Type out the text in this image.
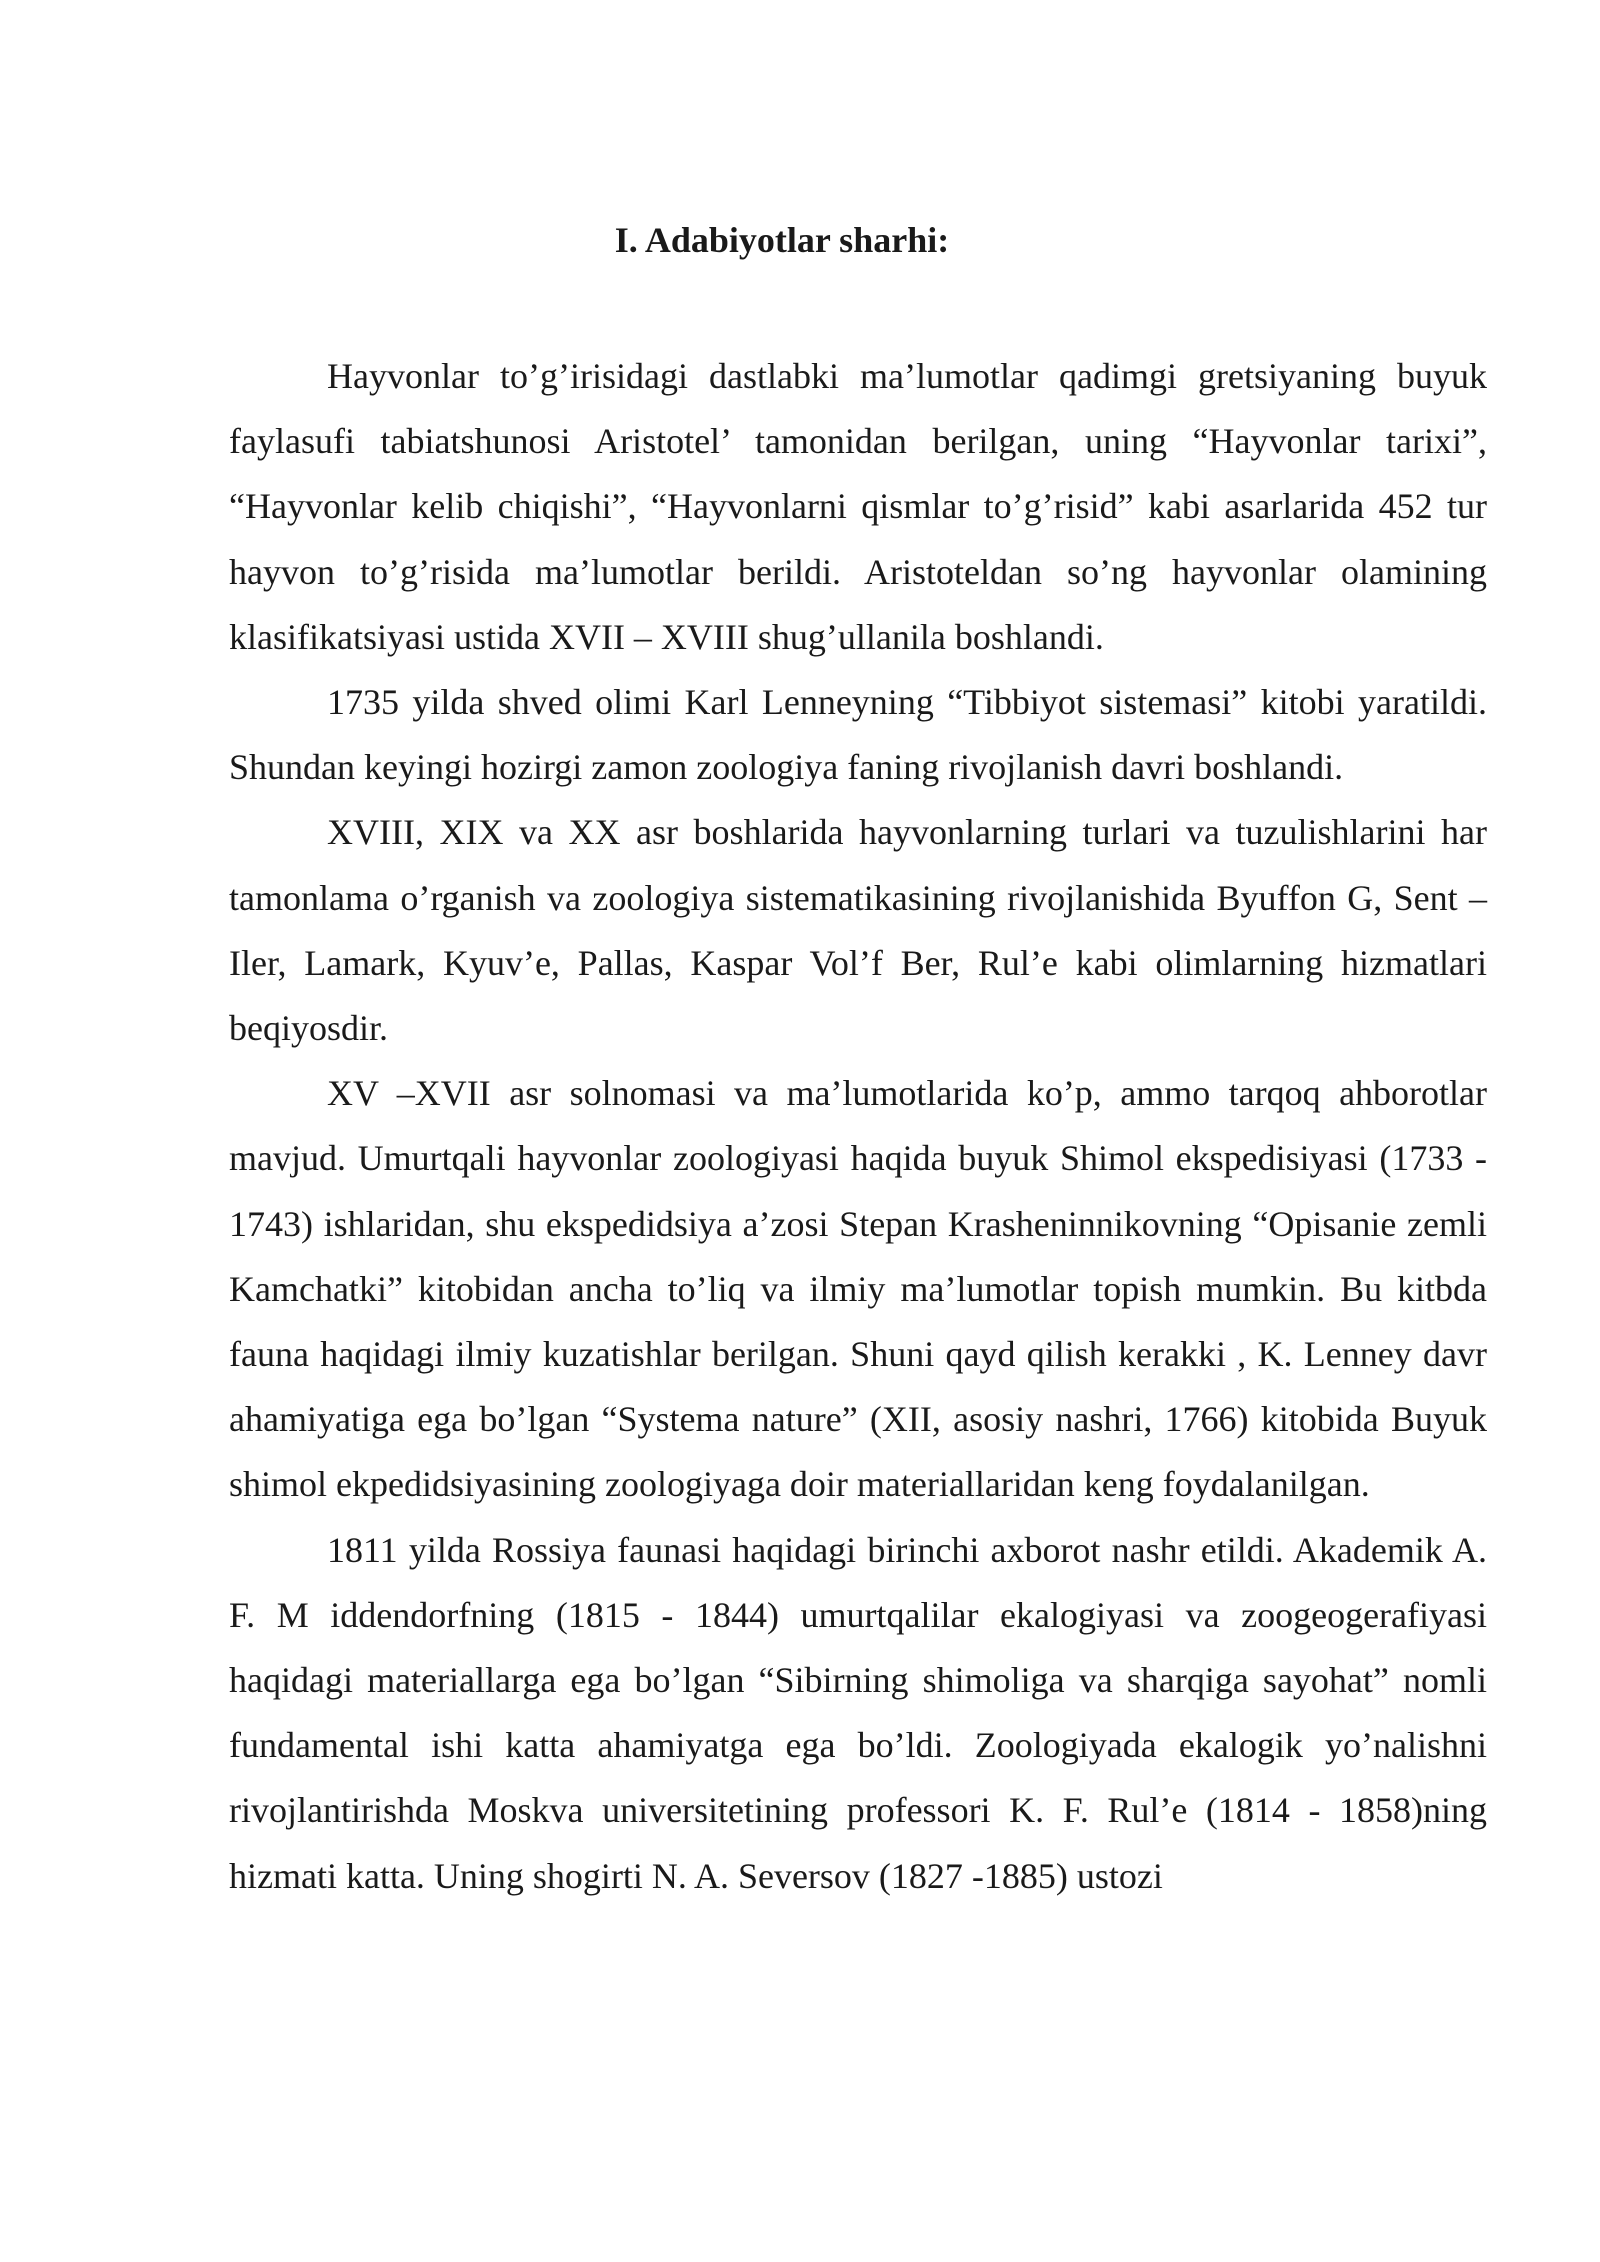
I. Adabiyotlar sharhi:

Hayvonlar to’g’irisidagi dastlabki ma’lumotlar qadimgi gretsiyaning buyuk faylasufi tabiatshunosi Aristotel’ tamonidan berilgan, uning “Hayvonlar tarixi”, “Hayvonlar kelib chiqishi”, “Hayvonlarni qismlar to’g’risid” kabi asarlarida 452 tur hayvon to’g’risida ma’lumotlar berildi. Aristoteldan so’ng hayvonlar olamining klasifikatsiyasi ustida XVII – XVIII shug’ullanila boshlandi.

1735 yilda shved olimi Karl Lenneyning “Tibbiyot sistemasi” kitobi yaratildi. Shundan keyingi hozirgi zamon zoologiya faning rivojlanish davri boshlandi.

XVIII, XIX va XX asr boshlarida hayvonlarning turlari va tuzulishlarini har tamonlama o’rganish va zoologiya sistematikasining rivojlanishida Byuffon G, Sent – Iler, Lamark, Kyuv’e, Pallas, Kaspar Vol’f Ber, Rul’e kabi olimlarning hizmatlari beqiyosdir.

XV –XVII asr solnomasi va ma’lumotlarida ko’p, ammo tarqoq ahborotlar mavjud. Umurtqali hayvonlar zoologiyasi haqida buyuk Shimol ekspedisiyasi (1733 - 1743) ishlaridan, shu ekspedidsiya a’zosi Stepan Krasheninnikovning “Opisanie zemli Kamchatki” kitobidan ancha to’liq va ilmiy ma’lumotlar topish mumkin. Bu kitbda fauna haqidagi ilmiy kuzatishlar berilgan. Shuni qayd qilish kerakki , K. Lenney davr ahamiyatiga ega bo’lgan “Systema nature” (XII, asosiy nashri, 1766) kitobida Buyuk shimol ekpedidsiyasining zoologiyaga doir materiallaridan keng foydalanilgan.

1811 yilda Rossiya faunasi haqidagi birinchi axborot nashr etildi. Akademik A. F. M iddendorfning (1815 - 1844) umurtqalilar ekalogiyasi va zoogeogerafiyasi haqidagi materiallarga ega bo’lgan “Sibirning shimoliga va sharqiga sayohat” nomli fundamental ishi katta ahamiyatga ega bo’ldi. Zoologiyada ekalogik yo’nalishni rivojlantirishda Moskva universitetining professori K. F. Rul’e (1814 - 1858)ning hizmati katta. Uning shogirti N. A. Seversov (1827 -1885) ustozi
